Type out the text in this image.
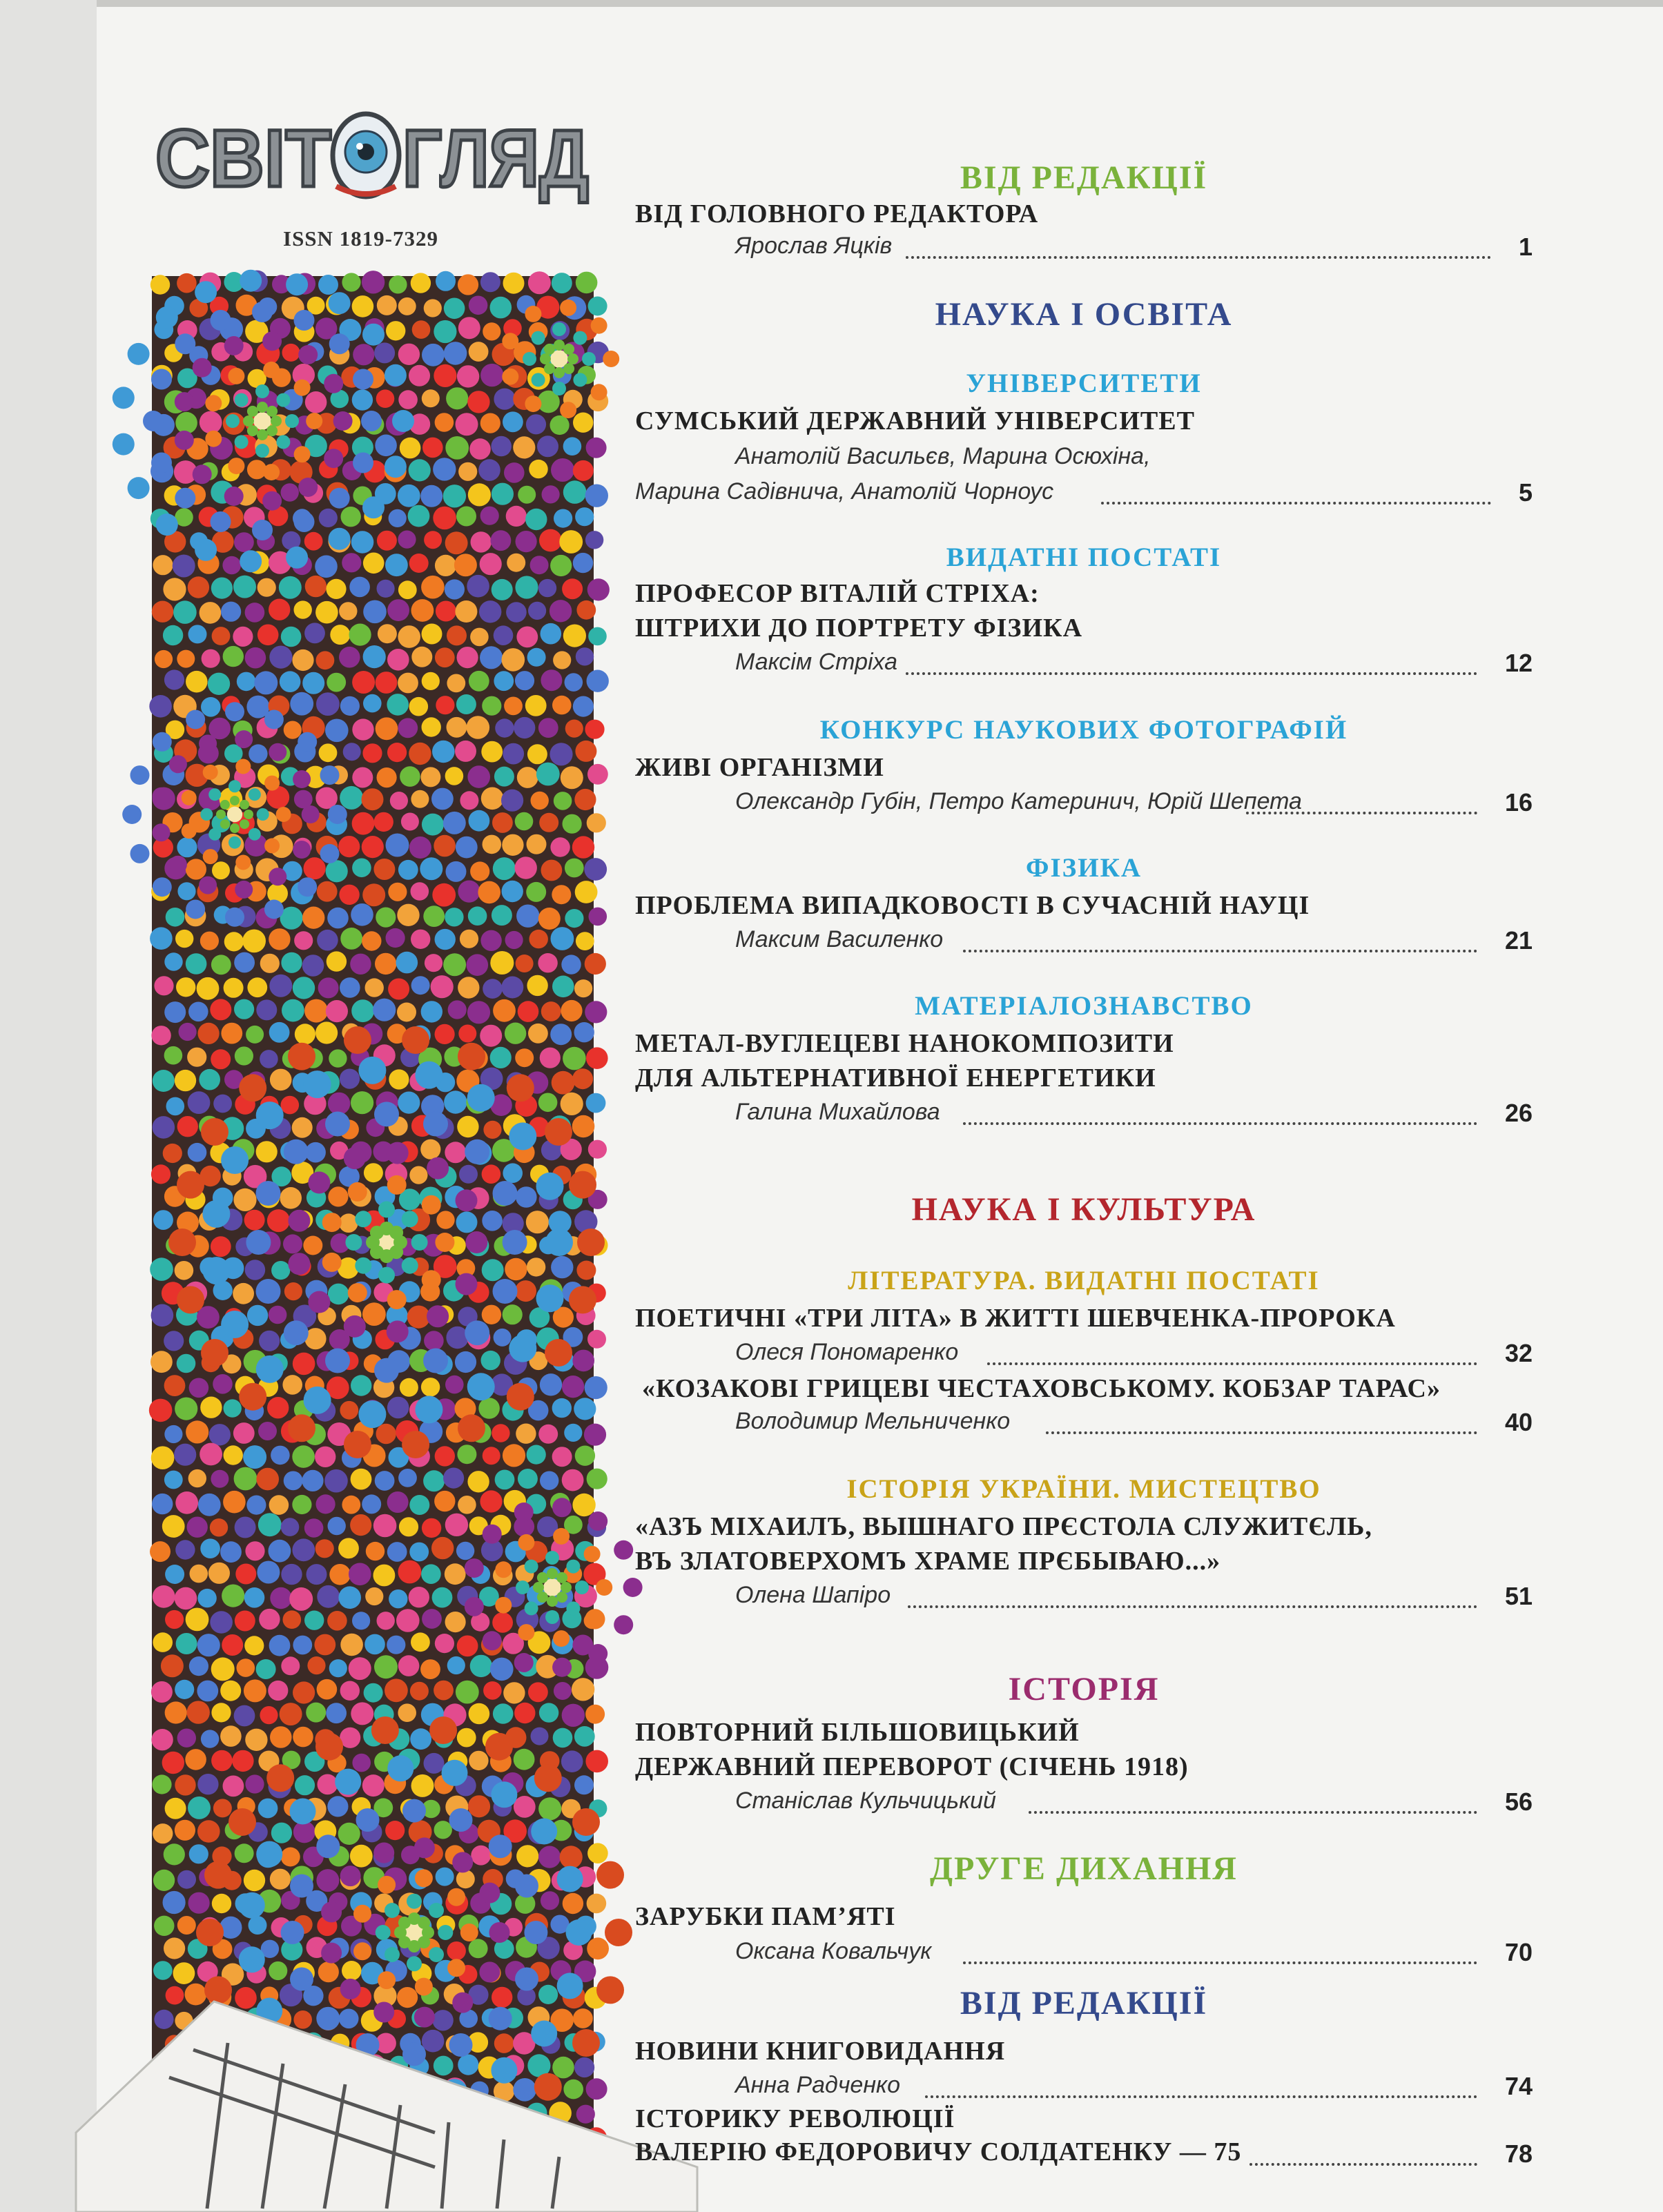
СВІТ ГЛЯД
ISSN 1819-7329
ВІД РЕДАКЦІЇ
ВІД ГОЛОВНОГО РЕДАКТОРА
Ярослав Яцків	1
НАУКА І ОСВІТА
УНІВЕРСИТЕТИ
СУМСЬКИЙ ДЕРЖАВНИЙ УНІВЕРСИТЕТ
Анатолій Васильєв, Марина Осюхіна,
Марина Садівнича, Анатолій Чорноус	5
ВИДАТНІ ПОСТАТІ
ПРОФЕСОР ВІТАЛІЙ СТРІХА:
ШТРИХИ ДО ПОРТРЕТУ ФІЗИКА
Максім Стріха	12
КОНКУРС НАУКОВИХ ФОТОГРАФІЙ
ЖИВІ ОРГАНІЗМИ
Олександр Губін, Петро Катеринич, Юрій Шепета	16
ФІЗИКА
ПРОБЛЕМА ВИПАДКОВОСТІ В СУЧАСНІЙ НАУЦІ
Максим Василенко	21
МАТЕРІАЛОЗНАВСТВО
МЕТАЛ-ВУГЛЕЦЕВІ НАНОКОМПОЗИТИ
ДЛЯ АЛЬТЕРНАТИВНОЇ ЕНЕРГЕТИКИ
Галина Михайлова	26
НАУКА І КУЛЬТУРА
ЛІТЕРАТУРА. ВИДАТНІ ПОСТАТІ
ПОЕТИЧНІ «ТРИ ЛІТА» В ЖИТТІ ШЕВЧЕНКА-ПРОРОКА
Олеся Пономаренко	32
«КОЗАКОВІ ГРИЦЕВІ ЧЕСТАХОВСЬКОМУ. КОБЗАР ТАРАС»
Володимир Мельниченко	40
ІСТОРІЯ УКРАЇНИ. МИСТЕЦТВО
«АЗЪ МІХАИЛЪ, ВЫШНАГО ПРЄСТОЛА СЛУЖИТЄЛЬ,
ВЪ ЗЛАТОВЕРХОМЪ ХРАМЕ ПРЄБЫВАЮ...»
Олена Шапіро	51
ІСТОРІЯ
ПОВТОРНИЙ БІЛЬШОВИЦЬКИЙ
ДЕРЖАВНИЙ ПЕРЕВОРОТ (СІЧЕНЬ 1918)
Станіслав Кульчицький	56
ДРУГЕ ДИХАННЯ
ЗАРУБКИ ПАМ’ЯТІ
Оксана Ковальчук	70
ВІД РЕДАКЦІЇ
НОВИНИ КНИГОВИДАННЯ
Анна Радченко	74
ІСТОРИКУ РЕВОЛЮЦІЇ
ВАЛЕРІЮ ФЕДОРОВИЧУ СОЛДАТЕНКУ — 75	78
